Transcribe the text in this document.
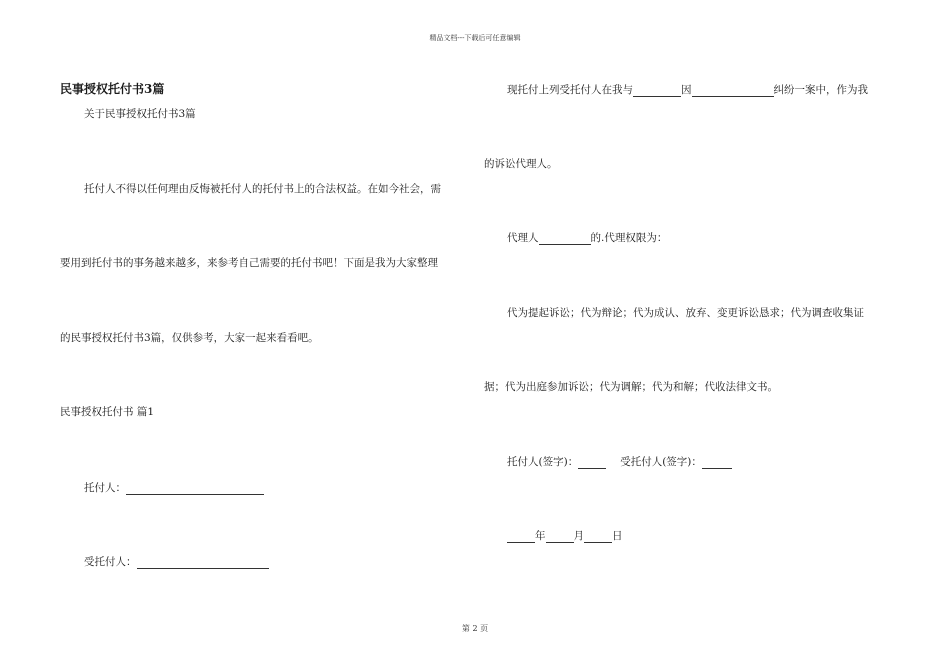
精品文档---下载后可任意编辑
民事授权托付书3篇
关于民事授权托付书3篇
托付人不得以任何理由反悔被托付人的托付书上的合法权益。在如今社会，需
要用到托付书的事务越来越多，来参考自己需要的托付书吧！下面是我为大家整理
的民事授权托付书3篇，仅供参考，大家一起来看看吧。
民事授权托付书 篇1
托付人：
受托付人：
现托付上列受托付人在我与	因	纠纷一案中，作为我
的诉讼代理人。
代理人	的.代理权限为：
代为提起诉讼；代为辩论；代为成认、放弃、变更诉讼恳求；代为调查收集证
据；代为出庭参加诉讼；代为调解；代为和解；代收法律文书。
托付人(签字)：	受托付人(签字)：
年	月	日
第 2 页
